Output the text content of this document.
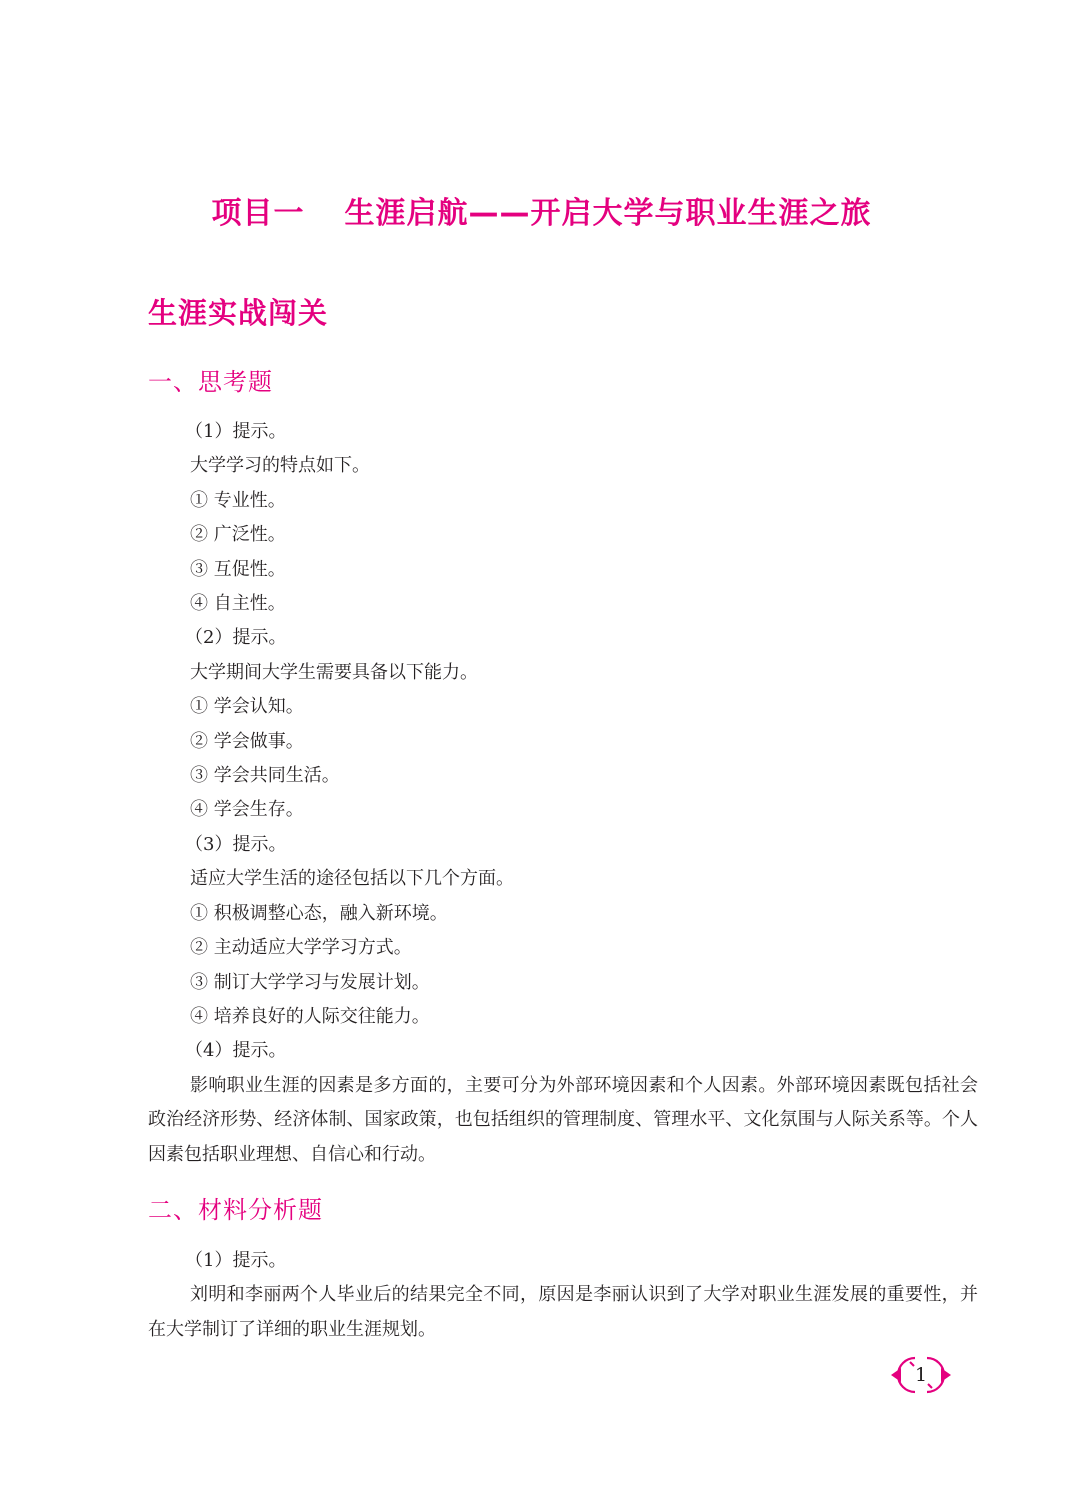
项目一 生涯启航——开启大学与职业生涯之旅
生涯实战闯关
一、思考题
（1）提示。
大学学习的特点如下。
① 专业性。
② 广泛性。
③ 互促性。
④ 自主性。
（2）提示。
大学期间大学生需要具备以下能力。
① 学会认知。
② 学会做事。
③ 学会共同生活。
④ 学会生存。
（3）提示。
适应大学生活的途径包括以下几个方面。
① 积极调整心态，融入新环境。
② 主动适应大学学习方式。
③ 制订大学学习与发展计划。
④ 培养良好的人际交往能力。
（4）提示。
影响职业生涯的因素是多方面的，主要可分为外部环境因素和个人因素。外部环境因素既包括社会政治经济形势、经济体制、国家政策，也包括组织的管理制度、管理水平、文化氛围与人际关系等。个人因素包括职业理想、自信心和行动。
二、材料分析题
（1）提示。
刘明和李丽两个人毕业后的结果完全不同，原因是李丽认识到了大学对职业生涯发展的重要性，并在大学制订了详细的职业生涯规划。
1
